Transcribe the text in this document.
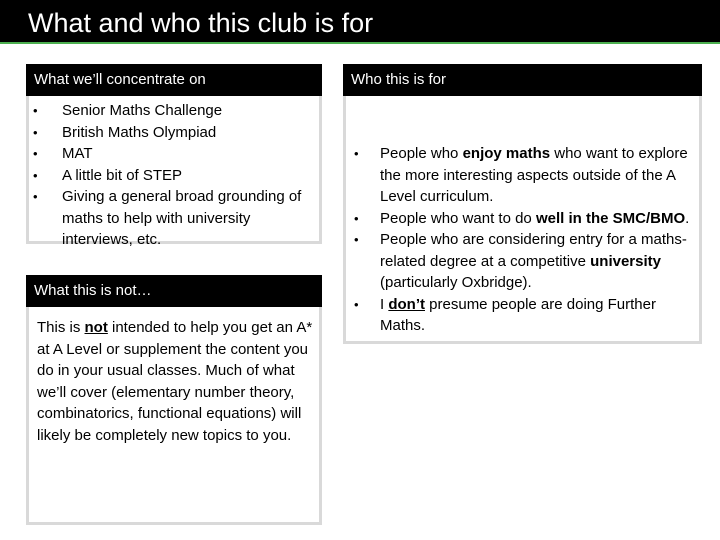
What and who this club is for
What we’ll concentrate on
• Senior Maths Challenge
• British Maths Olympiad
• MAT
• A little bit of STEP
• Giving a general broad grounding of maths to help with university interviews, etc.
What this is not…

This is not intended to help you get an A* at A Level or supplement the content you do in your usual classes. Much of what we’ll cover (elementary number theory, combinatorics, functional equations) will likely be completely new topics to you.

Who this is for
• People who enjoy maths who want to explore the more interesting aspects outside of the A Level curriculum.
• People who want to do well in the SMC/BMO.
• People who are considering entry for a maths-related degree at a competitive university (particularly Oxbridge).
• I don’t presume people are doing Further Maths.
